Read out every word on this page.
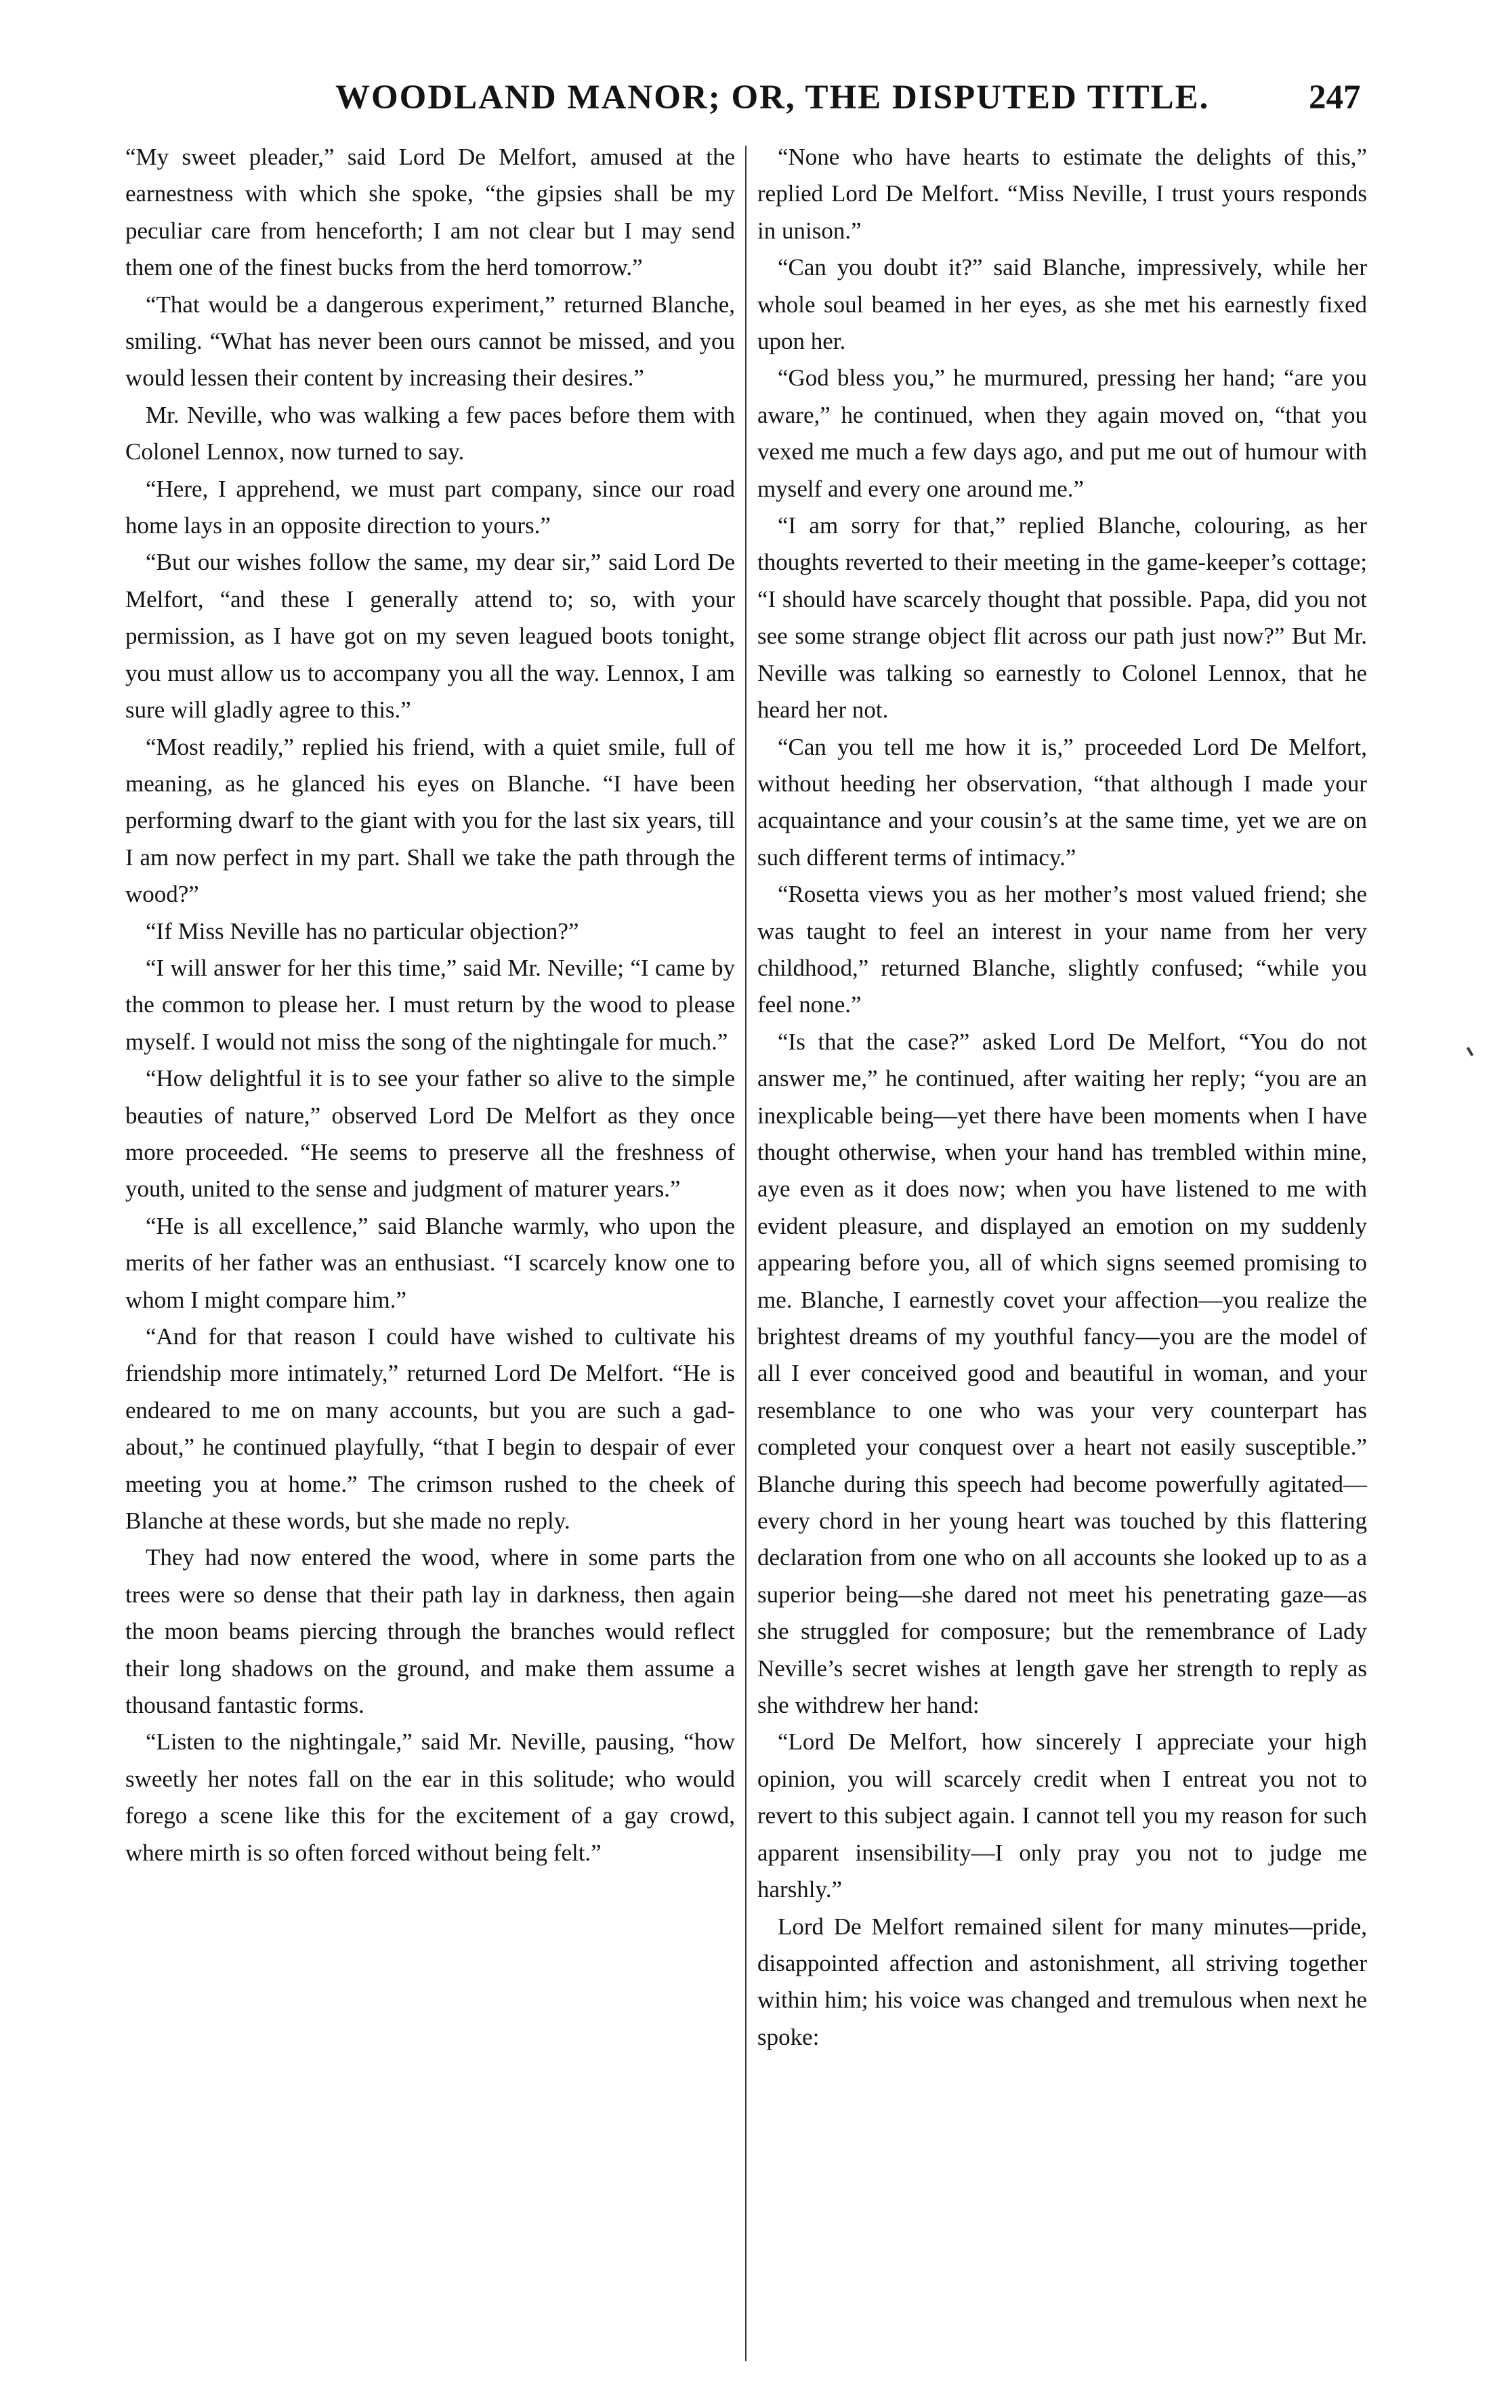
WOODLAND MANOR; OR, THE DISPUTED TITLE.	247

“My sweet pleader,” said Lord De Melfort, amused at the earnestness with which she spoke, “the gipsies shall be my peculiar care from henceforth; I am not clear but I may send them one of the finest bucks from the herd tomorrow.”

“That would be a dangerous experiment,” returned Blanche, smiling. “What has never been ours cannot be missed, and you would lessen their content by increasing their desires.”

Mr. Neville, who was walking a few paces before them with Colonel Lennox, now turned to say.

“Here, I apprehend, we must part company, since our road home lays in an opposite direction to yours.”

“But our wishes follow the same, my dear sir,” said Lord De Melfort, “and these I generally attend to; so, with your permission, as I have got on my seven leagued boots tonight, you must allow us to accompany you all the way. Lennox, I am sure will gladly agree to this.”

“Most readily,” replied his friend, with a quiet smile, full of meaning, as he glanced his eyes on Blanche. “I have been performing dwarf to the giant with you for the last six years, till I am now perfect in my part. Shall we take the path through the wood?”

“If Miss Neville has no particular objection?”

“I will answer for her this time,” said Mr. Neville; “I came by the common to please her. I must return by the wood to please myself. I would not miss the song of the nightingale for much.”

“How delightful it is to see your father so alive to the simple beauties of nature,” observed Lord De Melfort as they once more proceeded. “He seems to preserve all the freshness of youth, united to the sense and judgment of maturer years.”

“He is all excellence,” said Blanche warmly, who upon the merits of her father was an enthusiast. “I scarcely know one to whom I might compare him.”

“And for that reason I could have wished to cultivate his friendship more intimately,” returned Lord De Melfort. “He is endeared to me on many accounts, but you are such a gad-about,” he continued playfully, “that I begin to despair of ever meeting you at home.” The crimson rushed to the cheek of Blanche at these words, but she made no reply.

They had now entered the wood, where in some parts the trees were so dense that their path lay in darkness, then again the moon beams piercing through the branches would reflect their long shadows on the ground, and make them assume a thousand fantastic forms.

“Listen to the nightingale,” said Mr. Neville, pausing, “how sweetly her notes fall on the ear in this solitude; who would forego a scene like this for the excitement of a gay crowd, where mirth is so often forced without being felt.”

“None who have hearts to estimate the delights of this,” replied Lord De Melfort. “Miss Neville, I trust yours responds in unison.”

“Can you doubt it?” said Blanche, impressively, while her whole soul beamed in her eyes, as she met his earnestly fixed upon her.

“God bless you,” he murmured, pressing her hand; “are you aware,” he continued, when they again moved on, “that you vexed me much a few days ago, and put me out of humour with myself and every one around me.”

“I am sorry for that,” replied Blanche, colouring, as her thoughts reverted to their meeting in the game-keeper’s cottage; “I should have scarcely thought that possible. Papa, did you not see some strange object flit across our path just now?” But Mr. Neville was talking so earnestly to Colonel Lennox, that he heard her not.

“Can you tell me how it is,” proceeded Lord De Melfort, without heeding her observation, “that although I made your acquaintance and your cousin’s at the same time, yet we are on such different terms of intimacy.”

“Rosetta views you as her mother’s most valued friend; she was taught to feel an interest in your name from her very childhood,” returned Blanche, slightly confused; “while you feel none.”

“Is that the case?” asked Lord De Melfort, “You do not answer me,” he continued, after waiting her reply; “you are an inexplicable being—yet there have been moments when I have thought otherwise, when your hand has trembled within mine, aye even as it does now; when you have listened to me with evident pleasure, and displayed an emotion on my suddenly appearing before you, all of which signs seemed promising to me. Blanche, I earnestly covet your affection—you realize the brightest dreams of my youthful fancy—you are the model of all I ever conceived good and beautiful in woman, and your resemblance to one who was your very counterpart has completed your conquest over a heart not easily susceptible.” Blanche during this speech had become powerfully agitated—every chord in her young heart was touched by this flattering declaration from one who on all accounts she looked up to as a superior being—she dared not meet his penetrating gaze—as she struggled for composure; but the remembrance of Lady Neville’s secret wishes at length gave her strength to reply as she withdrew her hand:

“Lord De Melfort, how sincerely I appreciate your high opinion, you will scarcely credit when I entreat you not to revert to this subject again. I cannot tell you my reason for such apparent insensibility—I only pray you not to judge me harshly.”

Lord De Melfort remained silent for many minutes—pride, disappointed affection and astonishment, all striving together within him; his voice was changed and tremulous when next he spoke:
